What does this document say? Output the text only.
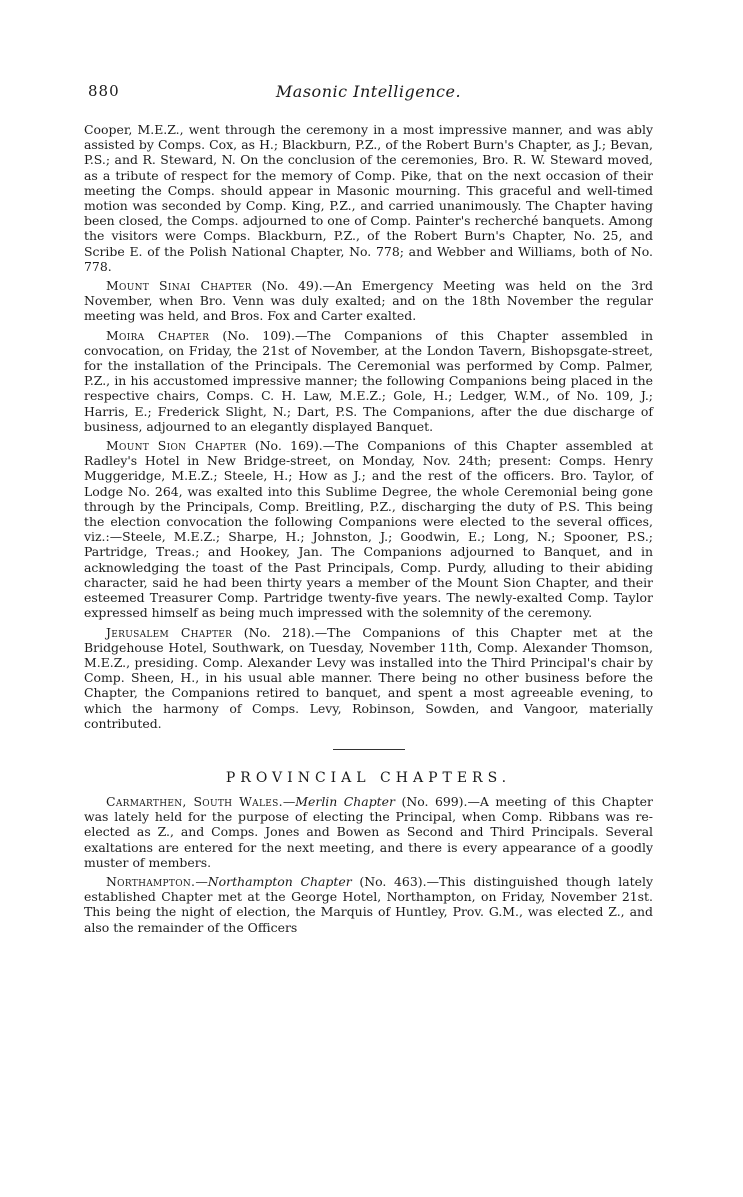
880	Masonic Intelligence.

Cooper, M.E.Z., went through the ceremony in a most impressive manner, and was ably assisted by Comps. Cox, as H.; Blackburn, P.Z., of the Robert Burn's Chapter, as J.; Bevan, P.S.; and R. Steward, N. On the conclusion of the ceremonies, Bro. R. W. Steward moved, as a tribute of respect for the memory of Comp. Pike, that on the next occasion of their meeting the Comps. should appear in Masonic mourning. This graceful and well-timed motion was seconded by Comp. King, P.Z., and carried unanimously. The Chapter having been closed, the Comps. adjourned to one of Comp. Painter's recherché banquets. Among the visitors were Comps. Blackburn, P.Z., of the Robert Burn's Chapter, No. 25, and Scribe E. of the Polish National Chapter, No. 778; and Webber and Williams, both of No. 778.

Mount Sinai Chapter (No. 49).—An Emergency Meeting was held on the 3rd November, when Bro. Venn was duly exalted; and on the 18th November the regular meeting was held, and Bros. Fox and Carter exalted.

Moira Chapter (No. 109).—The Companions of this Chapter assembled in convocation, on Friday, the 21st of November, at the London Tavern, Bishopsgate-street, for the installation of the Principals. The Ceremonial was performed by Comp. Palmer, P.Z., in his accustomed impressive manner; the following Companions being placed in the respective chairs, Comps. C. H. Law, M.E.Z.; Gole, H.; Ledger, W.M., of No. 109, J.; Harris, E.; Frederick Slight, N.; Dart, P.S. The Companions, after the due discharge of business, adjourned to an elegantly displayed Banquet.

Mount Sion Chapter (No. 169).—The Companions of this Chapter assembled at Radley's Hotel in New Bridge-street, on Monday, Nov. 24th; present: Comps. Henry Muggeridge, M.E.Z.; Steele, H.; How as J.; and the rest of the officers. Bro. Taylor, of Lodge No. 264, was exalted into this Sublime Degree, the whole Ceremonial being gone through by the Principals, Comp. Breitling, P.Z., discharging the duty of P.S. This being the election convocation the following Companions were elected to the several offices, viz.:—Steele, M.E.Z.; Sharpe, H.; Johnston, J.; Goodwin, E.; Long, N.; Spooner, P.S.; Partridge, Treas.; and Hookey, Jan. The Companions adjourned to Banquet, and in acknowledging the toast of the Past Principals, Comp. Purdy, alluding to their abiding character, said he had been thirty years a member of the Mount Sion Chapter, and their esteemed Treasurer Comp. Partridge twenty-five years. The newly-exalted Comp. Taylor expressed himself as being much impressed with the solemnity of the ceremony.

Jerusalem Chapter (No. 218).—The Companions of this Chapter met at the Bridgehouse Hotel, Southwark, on Tuesday, November 11th, Comp. Alexander Thomson, M.E.Z., presiding. Comp. Alexander Levy was installed into the Third Principal's chair by Comp. Sheen, H., in his usual able manner. There being no other business before the Chapter, the Companions retired to banquet, and spent a most agreeable evening, to which the harmony of Comps. Levy, Robinson, Sowden, and Vangoor, materially contributed.

PROVINCIAL CHAPTERS.

Carmarthen, South Wales.—Merlin Chapter (No. 699).—A meeting of this Chapter was lately held for the purpose of electing the Principal, when Comp. Ribbans was re-elected as Z., and Comps. Jones and Bowen as Second and Third Principals. Several exaltations are entered for the next meeting, and there is every appearance of a goodly muster of members.

Northampton.—Northampton Chapter (No. 463).—This distinguished though lately established Chapter met at the George Hotel, Northampton, on Friday, November 21st. This being the night of election, the Marquis of Huntley, Prov. G.M., was elected Z., and also the remainder of the Officers
